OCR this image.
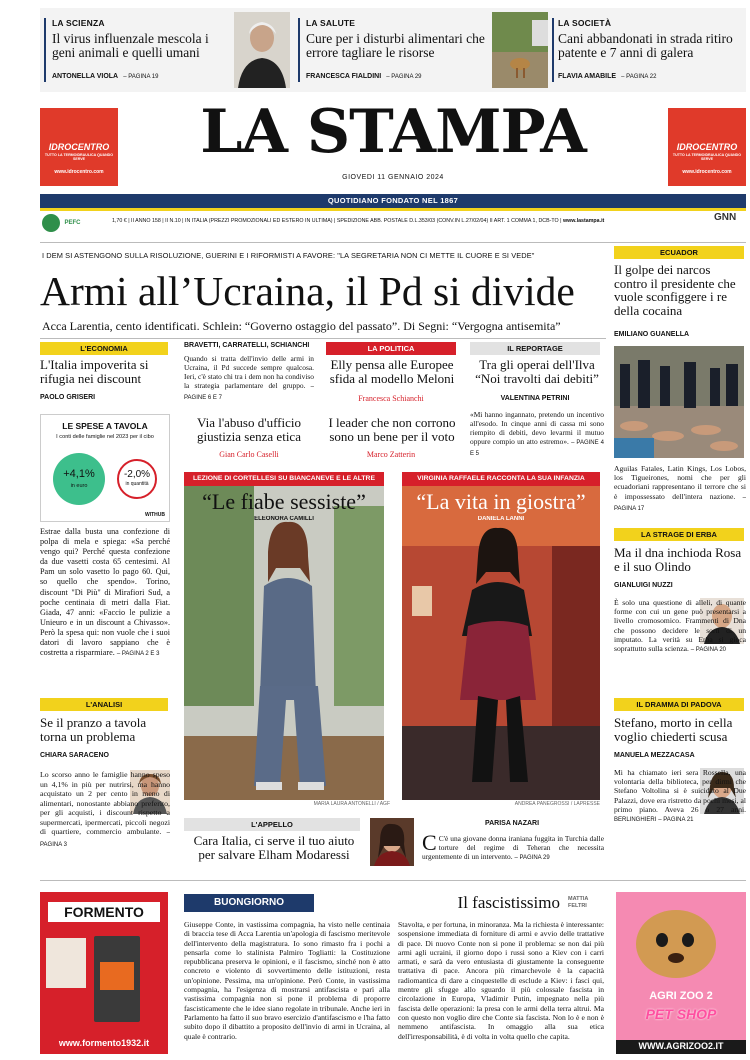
LA SCIENZA
Il virus influenzale mescola i geni animali e quelli umani
ANTONELLA VIOLA – PAGINA 19
LA SALUTE
Cure per i disturbi alimentari che errore tagliare le risorse
FRANCESCA FIALDINI – PAGINA 29
LA SOCIETÀ
Cani abbandonati in strada ritiro patente e 7 anni di galera
FLAVIA AMABILE – PAGINA 22
IDROCENTRO
TUTTO LA TERMOIDRAULICA QUANDO SERVE
www.idrocentro.com
IDROCENTRO
TUTTO LA TERMOIDRAULICA QUANDO SERVE
www.idrocentro.com
LA STAMPA
GIOVEDÌ 11 GENNAIO 2024
QUOTIDIANO FONDATO NEL 1867
PEFC	1,70 € | II ANNO 158 | II N.10 | IN ITALIA (PREZZI PROMOZIONALI ED ESTERO IN ULTIMA) | SPEDIZIONE ABB. POSTALE D.L.353/03 (CONV.IN L.27/02/04) II ART. 1 COMMA 1, DCB-TO | www.lastampa.it	GNN
I DEM SI ASTENGONO SULLA RISOLUZIONE, GUERINI E I RIFORMISTI A FAVORE: "LA SEGRETARIA NON CI METTE IL CUORE E SI VEDE"
Armi all’Ucraina, il Pd si divide
Acca Larentia, cento identificati. Schlein: “Governo ostaggio del passato”. Di Segni: “Vergogna antisemita”
L'ECONOMIA
L'Italia impoverita si rifugia nei discount
PAOLO GRISERI
LE SPESE A TAVOLA
I conti delle famiglie nel 2023 per il cibo
+4,1%
in euro
-2,0%
in quantità
WITHUB
Estrae dalla busta una confezione di polpa di mela e spiega: «Sa perché vengo qui? Perché questa confezione da due vasetti costa 65 centesimi. Al Pam un solo vasetto lo pago 60. Qui, so quello che spendo». Torino, discount "Di Più" di Mirafiori Sud, a poche centinaia di metri dalla Fiat. Giada, 47 anni: «Faccio le pulizie a Unieuro e in un discount a Chivasso». Però la spesa qui: non vuole che i suoi datori di lavoro sappiano che è costretta a risparmiare. – PAGINA 2 E 3
L'ANALISI
Se il pranzo a tavola torna un problema
CHIARA SARACENO
Lo scorso anno le famiglie hanno speso un 4,1% in più per nutrirsi, ma hanno acquistato un 2 per cento in meno di alimentari, nonostante abbiano preferito, per gli acquisti, i discount rispetto a supermercati, ipermercati, piccoli negozi di quartiere, commercio ambulante. – PAGINA 3
BRAVETTI, CARRATELLI, SCHIANCHI
Quando si tratta dell'invio delle armi in Ucraina, il Pd succede sempre qualcosa. Ieri, c'è stato chi tra i dem non ha condiviso la strategia parlamentare del gruppo. – PAGINE 6 E 7
Via l'abuso d'ufficio giustizia senza etica
Gian Carlo Caselli
LA POLITICA
Elly pensa alle Europee sfida al modello Meloni
Francesca Schianchi
I leader che non corrono sono un bene per il voto
Marco Zatterin
IL REPORTAGE
Tra gli operai dell'Ilva “Noi travolti dai debiti”
VALENTINA PETRINI
«Mi hanno ingannato, pretendo un incentivo all'esodo. In cinque anni di cassa mi sono riempito di debiti, devo levarmi il mutuo oppure compio un atto estremo». – PAGINE 4 E 5
LEZIONE DI CORTELLESI SU BIANCANEVE E LE ALTRE
“Le fiabe sessiste”
ELEONORA CAMILLI
MARIA LAURA ANTONELLI / AGF
VIRGINIA RAFFAELE RACCONTA LA SUA INFANZIA
“La vita in giostra”
DANIELA LANNI
ANDREA PANEGROSSI / LAPRESSE
L'APPELLO
Cara Italia, ci serve il tuo aiuto per salvare Elham Modaressi
PARISA NAZARI
C C'è una giovane donna iraniana fuggita in Turchia dalle torture del regime di Teheran che necessita urgentemente di un intervento. – PAGINA 29
ECUADOR
Il golpe dei narcos contro il presidente che vuole sconfiggere i re della cocaina
EMILIANO GUANELLA
Aguilas Fatales, Latin Kings, Los Lobos, los Tigueirones, nomi che per gli ecuadoriani rappresentano il terrore che si è impossessato dell'intera nazione. – PAGINA 17
LA STRAGE DI ERBA
Ma il dna inchioda Rosa e il suo Olindo
GIANLUIGI NUZZI
È solo una questione di alleli, di quante forme con cui un gene può presentarsi a livello cromosomico. Frammenti di Dna che possono decidere le sorti di un imputato. La verità su Erba si gioca soprattutto sulla scienza. – PAGINA 20
IL DRAMMA DI PADOVA
Stefano, morto in cella voglio chiederti scusa
MANUELA MEZZACASA
Mi ha chiamato ieri sera Rossella, una volontaria della biblioteca, per dirmi che Stefano Voltolina si è suicidato al Due Palazzi, dove era ristretto da pochi mesi, al primo piano. Aveva 26 o 27 anni. BERLINGHIERI – PAGINA 21
FORMENTO
www.formento1932.it
BUONGIORNO	Il fascistissimo MATTIA FELTRI
Giuseppe Conte, in vastissima compagnia, ha visto nelle centinaia di braccia tese di Acca Larentia un'apologia di fascismo meritevole dell'intervento della magistratura. Io sono rimasto fra i pochi a pensarla come lo stalinista Palmiro Togliatti: la Costituzione repubblicana preserva le opinioni, e il fascismo, sinché non è atto concreto e violento di sovvertimento delle istituzioni, resta un'opinione. Pessima, ma un'opinione. Però Conte, in vastissima compagnia, ha l'esigenza di mostrarsi antifascista e parì alla vastissima compagnia non si pone il problema di proporre fascisticamente che le idee siano regolate in tribunale. Anche ieri in Parlamento ha fatto il suo bravo esercizio d'antifascismo e l'ha fatto subito dopo il dibattito a proposito dell'invio di armi in Ucraina, al quale è contrario.
Stavolta, e per fortuna, in minoranza. Ma la richiesta è interessante: sospensione immediata di forniture di armi e avvio delle trattative di pace. Di nuovo Conte non si pone il problema: se non dai più armi agli ucraini, il giorno dopo i russi sono a Kiev con i carri armati, e sarà da vero entusiasta di giustamente la conseguente trattativa di pace. Ancora più rimarchevole è la capacità radiomantica di dare a cinquestelle di esclude a Kiev: i fasci qui, mentre gli sfugge allo sguardo il più colossale fascista in circolazione in Europa, Vladimir Putin, impegnato nella più fascista delle operazioni: la presa con le armi della terra altrui. Ma con questo non voglio dire che Conte sia fascista. Non lo è e non è nemmeno antifascista. In omaggio alla sua etica dell'irresponsabilità, è di volta in volta quello che capita.
AGRI ZOO 2
PET SHOP
WWW.AGRIZOO2.IT
